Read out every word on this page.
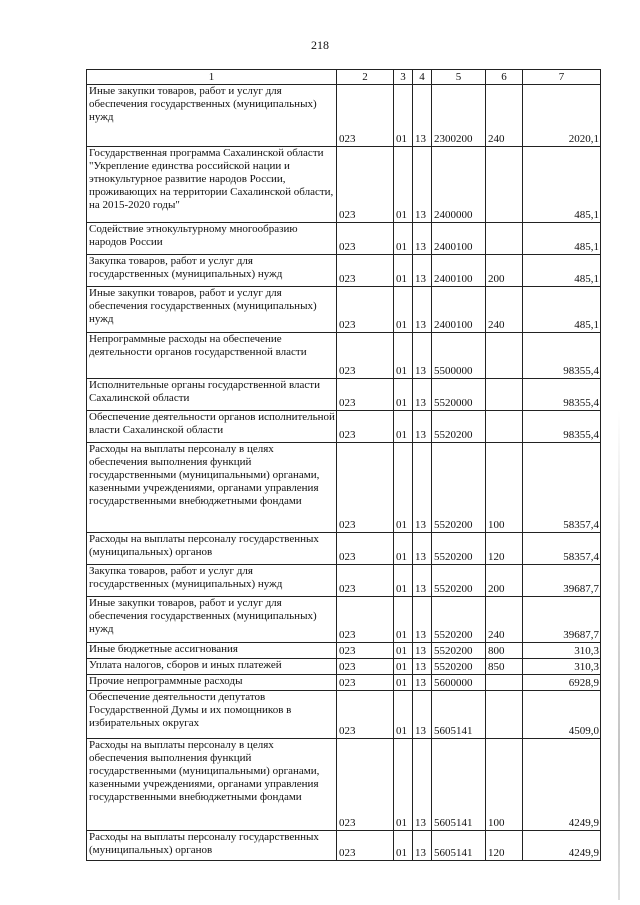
218
1	2	3	4	5	6	7
Иные закупки товаров, работ и услуг для обеспечения государственных (муниципальных) нужд	023	01	13	2300200	240	2020,1
Государственная программа Сахалинской области "Укрепление единства российской нации и этнокультурное развитие народов России, проживающих на территории Сахалинской области, на 2015-2020 годы"	023	01	13	2400000		485,1
Содействие этнокультурному многообразию народов России	023	01	13	2400100		485,1
Закупка товаров, работ и услуг для государственных (муниципальных) нужд	023	01	13	2400100	200	485,1
Иные закупки товаров, работ и услуг для обеспечения государственных (муниципальных) нужд	023	01	13	2400100	240	485,1
Непрограммные расходы на обеспечение деятельности органов государственной власти	023	01	13	5500000		98355,4
Исполнительные органы государственной власти Сахалинской области	023	01	13	5520000		98355,4
Обеспечение деятельности органов исполнительной власти Сахалинской области	023	01	13	5520200		98355,4
Расходы на выплаты персоналу в целях обеспечения выполнения функций государственными (муниципальными) органами, казенными учреждениями, органами управления государственными внебюджетными фондами	023	01	13	5520200	100	58357,4
Расходы на выплаты персоналу государственных (муниципальных) органов	023	01	13	5520200	120	58357,4
Закупка товаров, работ и услуг для государственных (муниципальных) нужд	023	01	13	5520200	200	39687,7
Иные закупки товаров, работ и услуг для обеспечения государственных (муниципальных) нужд	023	01	13	5520200	240	39687,7
Иные бюджетные ассигнования	023	01	13	5520200	800	310,3
Уплата налогов, сборов и иных платежей	023	01	13	5520200	850	310,3
Прочие непрограммные расходы	023	01	13	5600000		6928,9
Обеспечение деятельности депутатов Государственной Думы и их помощников в избирательных округах	023	01	13	5605141		4509,0
Расходы на выплаты персоналу в целях обеспечения выполнения функций государственными (муниципальными) органами, казенными учреждениями, органами управления государственными внебюджетными фондами	023	01	13	5605141	100	4249,9
Расходы на выплаты персоналу государственных (муниципальных) органов	023	01	13	5605141	120	4249,9
